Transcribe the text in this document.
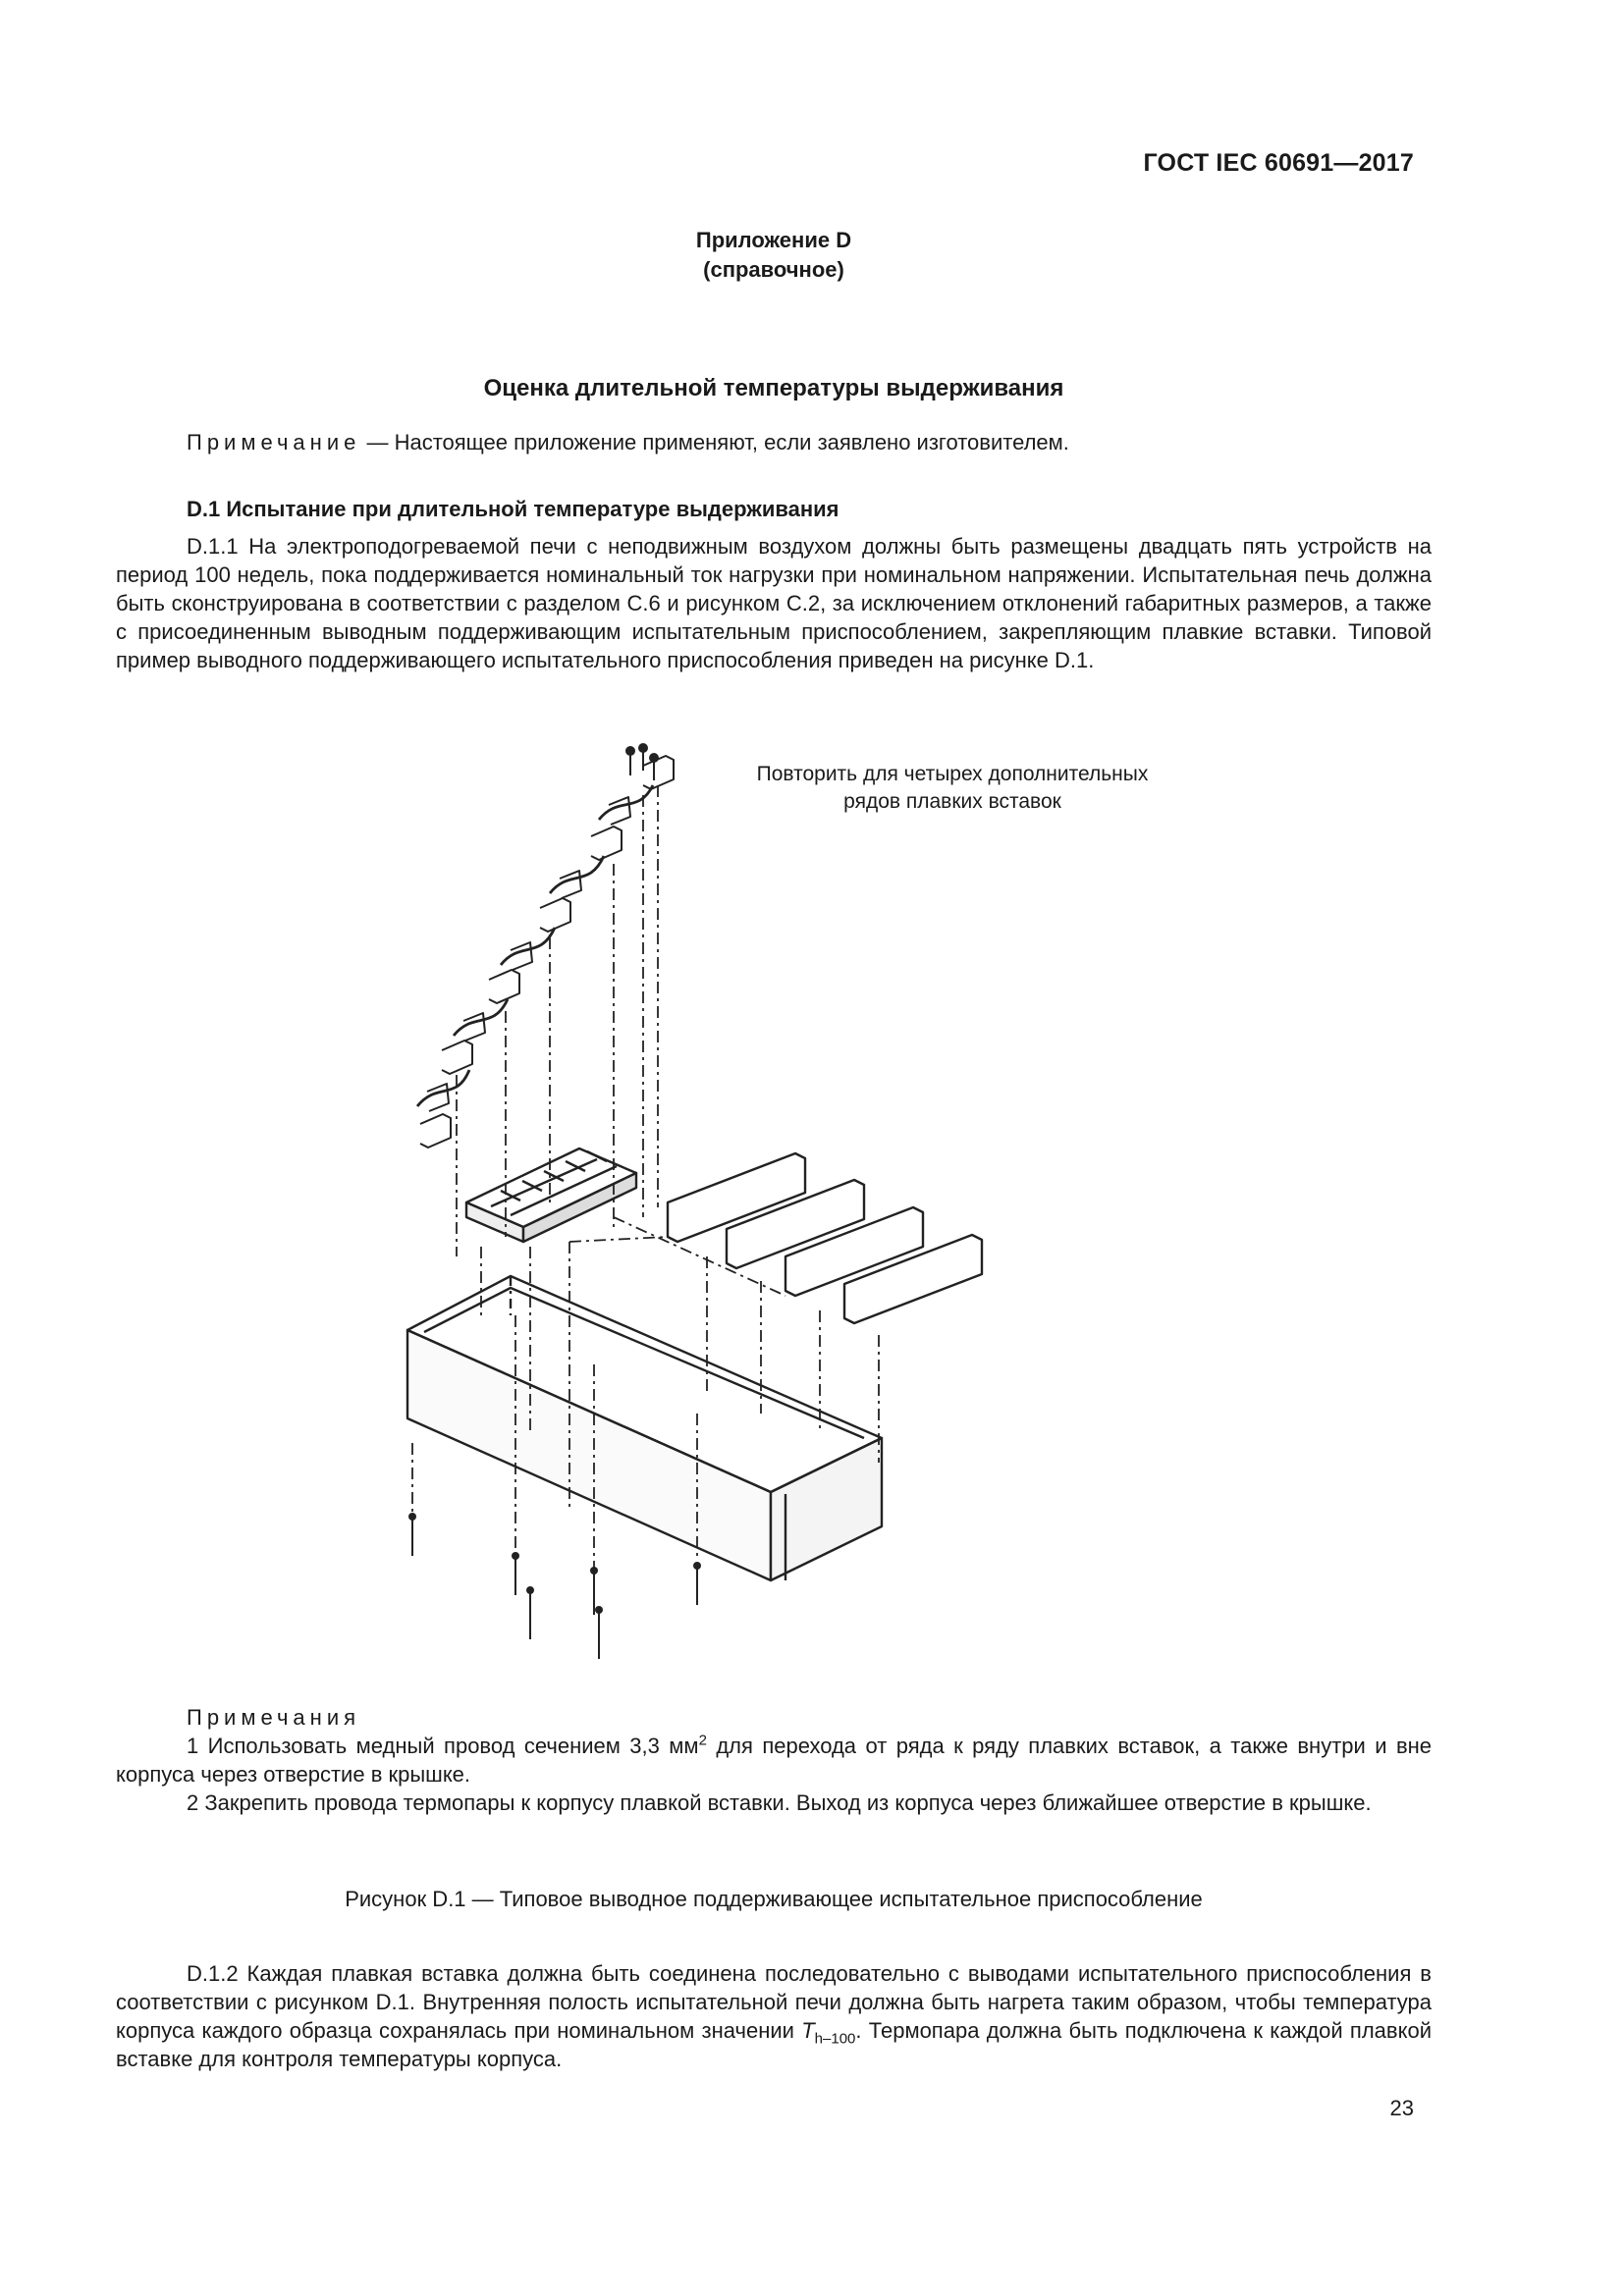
ГОСТ IEC 60691—2017
Приложение D
(справочное)
Оценка длительной температуры выдерживания
Примечание — Настоящее приложение применяют, если заявлено изготовителем.
D.1 Испытание при длительной температуре выдерживания
D.1.1 На электроподогреваемой печи с неподвижным воздухом должны быть размещены двадцать пять устройств на период 100 недель, пока поддерживается номинальный ток нагрузки при номинальном напряжении. Испытательная печь должна быть сконструирована в соответствии с разделом С.6 и рисунком С.2, за исключением отклонений габаритных размеров, а также с присоединенным выводным поддерживающим испытательным приспособлением, закрепляющим плавкие вставки. Типовой пример выводного поддерживающего испытательного приспособления приведен на рисунке D.1.
Повторить для четырех дополнительных
рядов плавких вставок
Примечания
1 Использовать медный провод сечением 3,3 $мм^2$ для перехода от ряда к ряду плавких вставок, а также внутри и вне корпуса через отверстие в крышке.
2 Закрепить провода термопары к корпусу плавкой вставки. Выход из корпуса через ближайшее отверстие в крышке.
Рисунок D.1 — Типовое выводное поддерживающее испытательное приспособление
D.1.2 Каждая плавкая вставка должна быть соединена последовательно с выводами испытательного приспособления в соответствии с рисунком D.1. Внутренняя полость испытательной печи должна быть нагрета таким образом, чтобы температура корпуса каждого образца сохранялась при номинальном значении $T_{h-100}$. Термопара должна быть подключена к каждой плавкой вставке для контроля температуры корпуса.
23
